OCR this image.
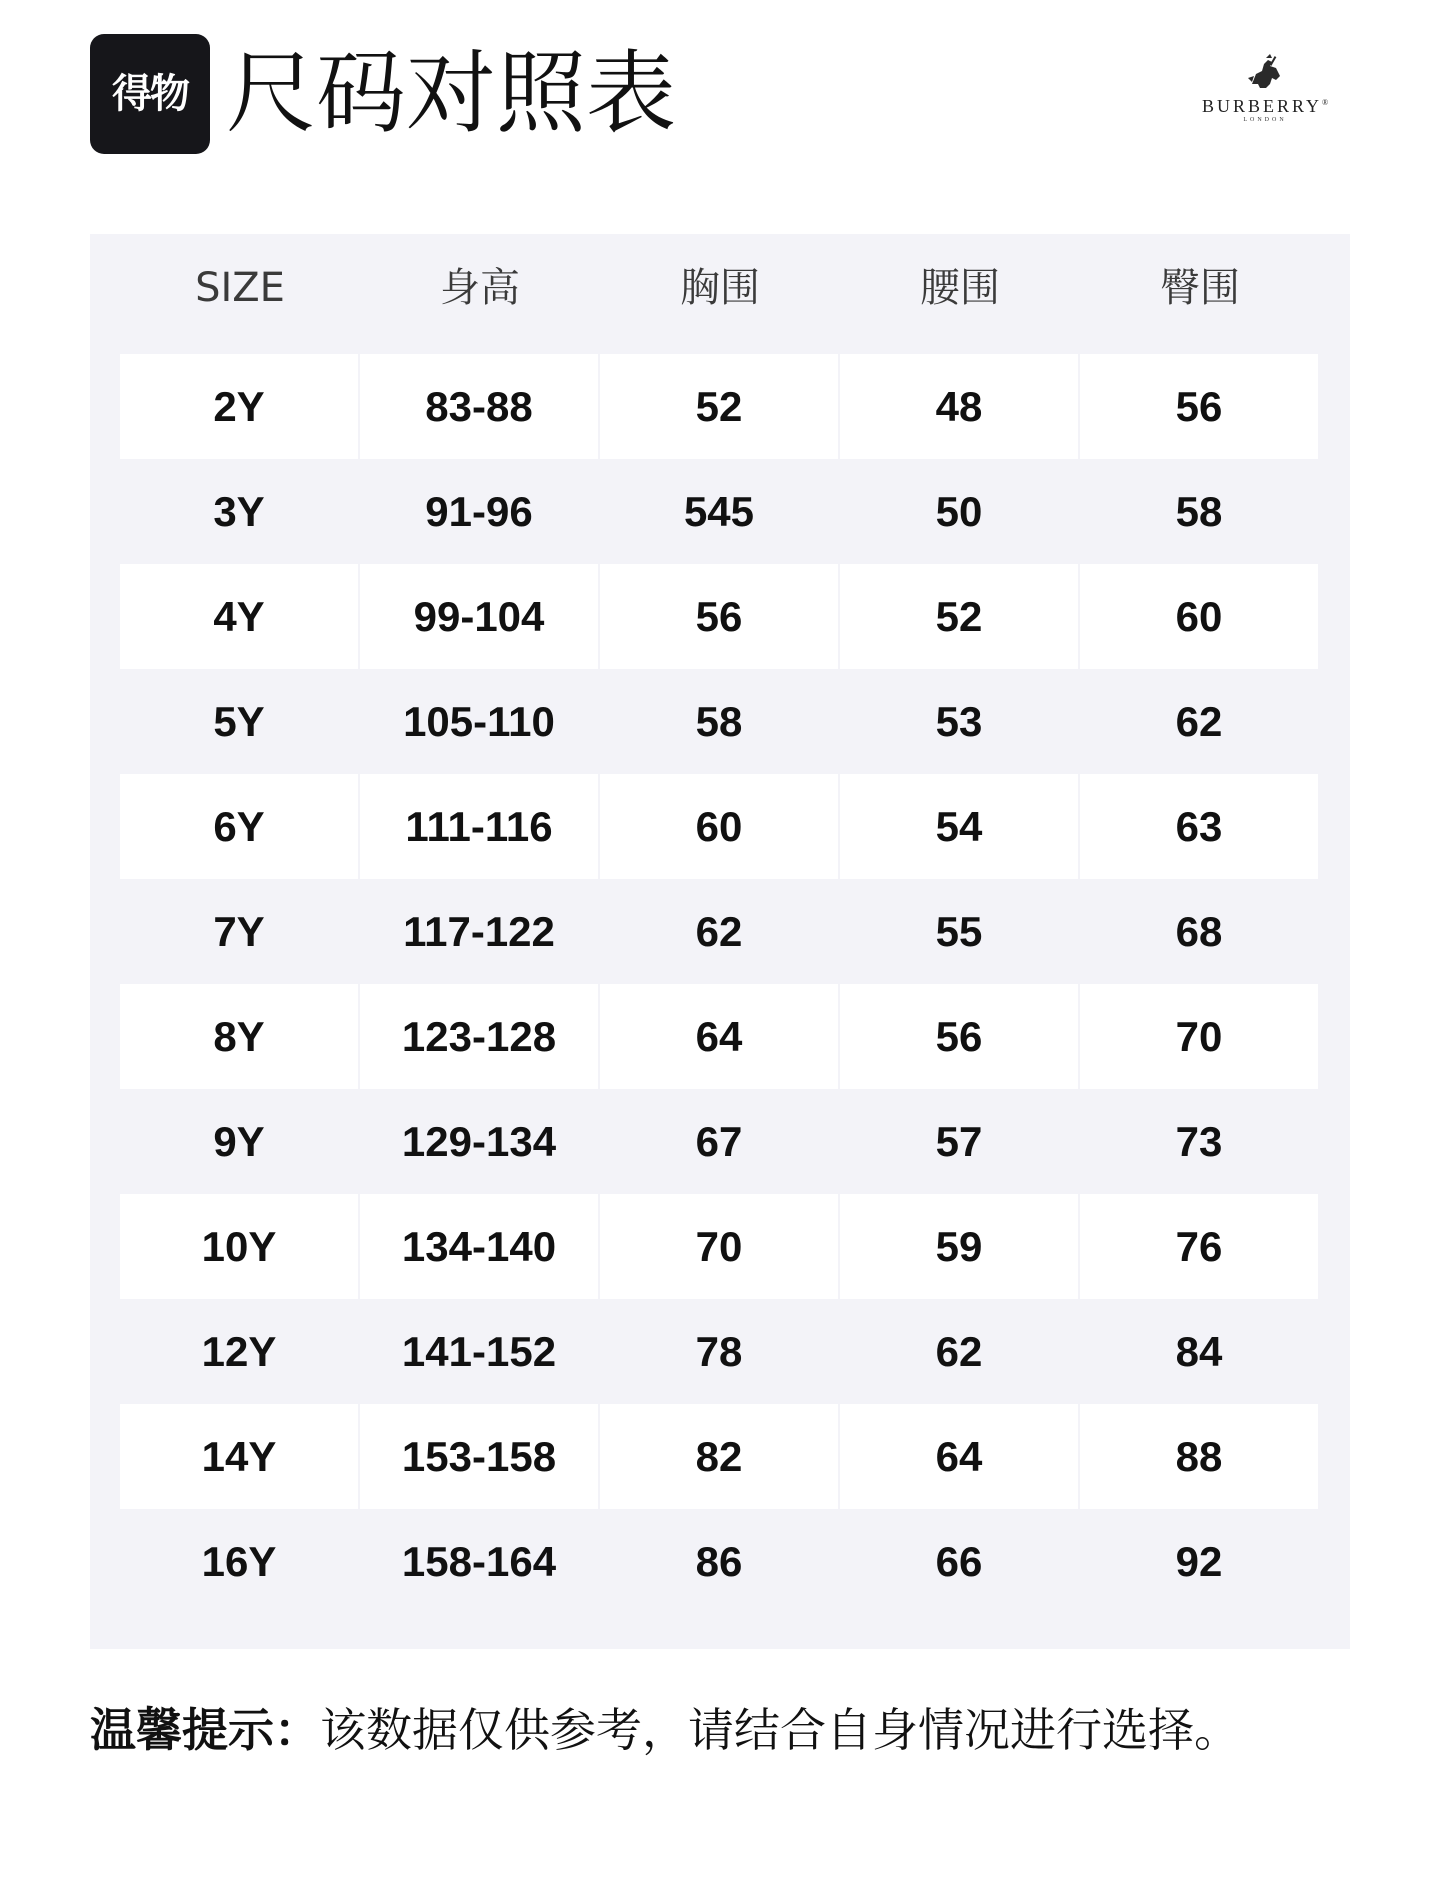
得物 尺码对照表	BURBERRY®
LONDON
SIZE	身高	胸围	腰围	臀围
2Y	83-88	52	48	56
3Y	91-96	545	50	58
4Y	99-104	56	52	60
5Y	105-110	58	53	62
6Y	111-116	60	54	63
7Y	117-122	62	55	68
8Y	123-128	64	56	70
9Y	129-134	67	57	73
10Y	134-140	70	59	76
12Y	141-152	78	62	84
14Y	153-158	82	64	88
16Y	158-164	86	66	92
温馨提示：该数据仅供参考，请结合自身情况进行选择。
